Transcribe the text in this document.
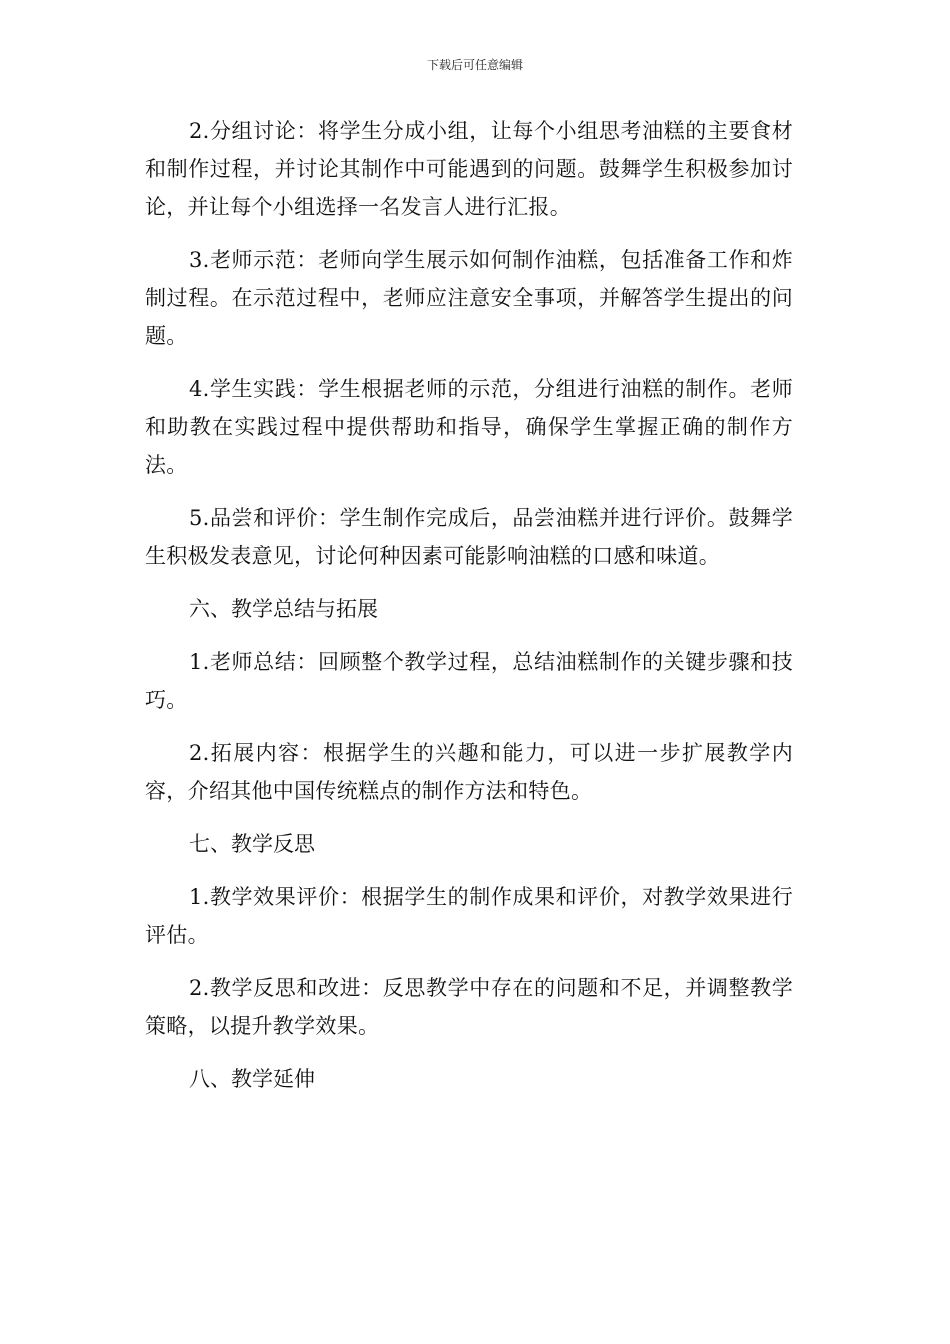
下载后可任意编辑

2.分组讨论：将学生分成小组，让每个小组思考油糕的主要食材和制作过程，并讨论其制作中可能遇到的问题。鼓舞学生积极参加讨论，并让每个小组选择一名发言人进行汇报。

3.老师示范：老师向学生展示如何制作油糕，包括准备工作和炸制过程。在示范过程中，老师应注意安全事项，并解答学生提出的问题。

4.学生实践：学生根据老师的示范，分组进行油糕的制作。老师和助教在实践过程中提供帮助和指导，确保学生掌握正确的制作方法。

5.品尝和评价：学生制作完成后，品尝油糕并进行评价。鼓舞学生积极发表意见，讨论何种因素可能影响油糕的口感和味道。

六、教学总结与拓展

1.老师总结：回顾整个教学过程，总结油糕制作的关键步骤和技巧。

2.拓展内容：根据学生的兴趣和能力，可以进一步扩展教学内容，介绍其他中国传统糕点的制作方法和特色。

七、教学反思

1.教学效果评价：根据学生的制作成果和评价，对教学效果进行评估。

2.教学反思和改进：反思教学中存在的问题和不足，并调整教学策略，以提升教学效果。

八、教学延伸
